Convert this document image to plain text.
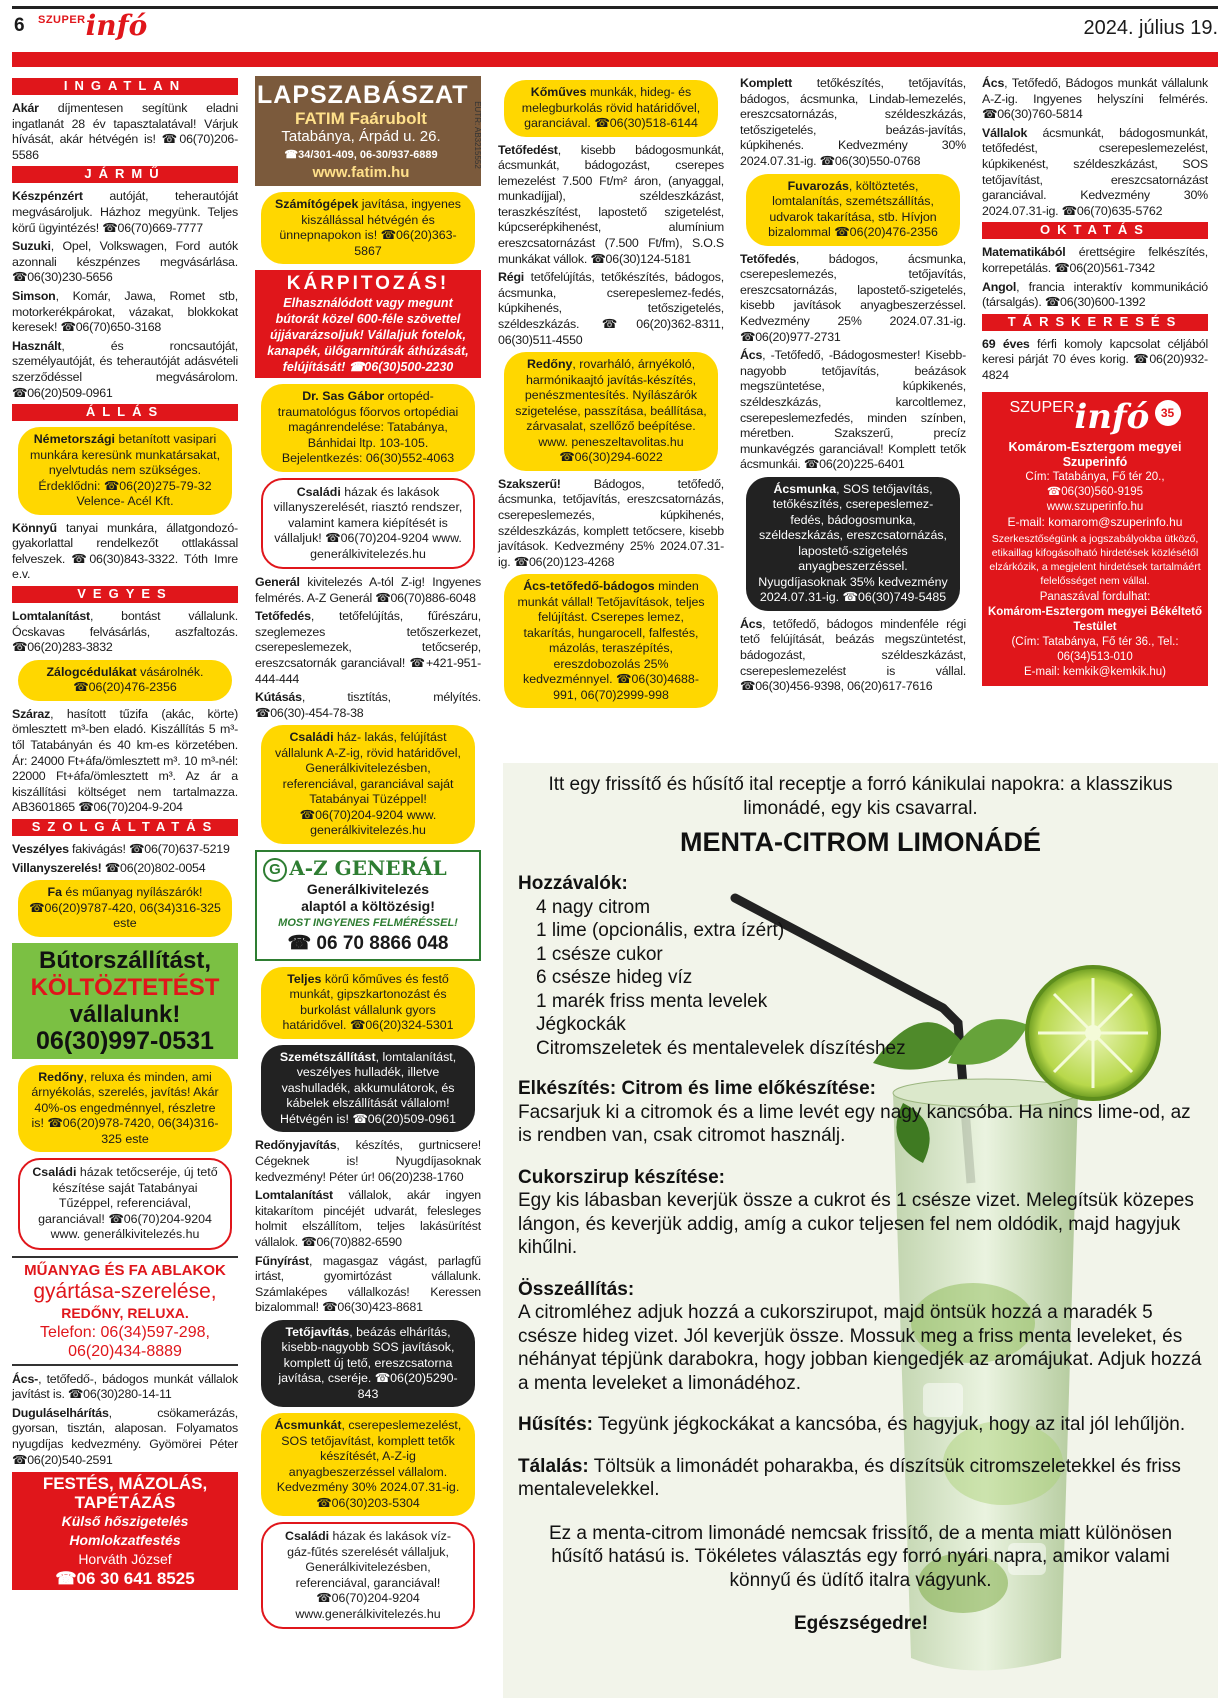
6 SZUPERinfó	2024. július 19.
INGATLAN
Akár díjmentesen segítünk eladni ingatlanát 28 év tapasztalatával! Várjuk hívását, akár hétvégén is! ☎06(70)206-5586
JÁRMŰ
Készpénzért autóját, teherautóját megvásároljuk. Házhoz megyünk. Teljes körű ügyintézés! ☎06(70)669-7777
Suzuki, Opel, Volkswagen, Ford autók azonnali készpénzes megvásárlása. ☎06(30)230-5656
Simson, Komár, Jawa, Romet stb, motorkerékpárokat, vázakat, blokkokat keresek! ☎06(70)650-3168
Használt, és roncsautóját, személyautóját, és teherautóját adásvételi szerződéssel megvásárolom. ☎06(20)509-0961
ÁLLÁS
Németországi betanított vasipari munkára keresünk munkatársakat, nyelvtudás nem szükséges. Érdeklődni: ☎06(20)275-79-32 Velence- Acél Kft.
Könnyű tanyai munkára, állatgondozó-gyakorlattal rendelkezőt ottlakással felveszek. ☎06(30)843-3322. Tóth Imre e.v.
VEGYES
Lomtalanítást, bontást vállalunk. Ócskavas felvásárlás, aszfaltozás. ☎06(20)283-3832
Zálogcédulákat vásárolnék. ☎06(20)476-2356
Száraz, hasított tűzifa (akác, körte) ömlesztett m³-ben eladó. Kiszállítás 5 m³-től Tatabányán és 40 km-es körzetében. Ár: 24000 Ft+áfa/ömlesztett m³. 10 m³-nél: 22000 Ft+áfa/ömlesztett m³. Az ár a kiszállítási költséget nem tartalmazza. AB3601865 ☎06(70)204-9-204
SZOLGÁLTATÁS
Veszélyes fakivágás! ☎06(70)637-5219
Villanyszerelés! ☎06(20)802-0054
Fa és műanyag nyílászárók! ☎06(20)9787-420, 06(34)316-325 este
Bútorszállítást,
KÖLTÖZTETÉST
vállalunk!
06(30)997-0531
Redőny, reluxa és minden, ami árnyékolás, szerelés, javítás! Akár 40%-os engedménnyel, részletre is! ☎06(20)978-7420, 06(34)316-325 este
Családi házak tetőcseréje, új tető készítése saját Tatabányai Tűzéppel, referenciával, garanciával! ☎06(70)204-9204 www. generálkivitelezés.hu
MŰANYAG ÉS FA ABLAKOK
gyártása-szerelése,
REDŐNY, RELUXA.
Telefon: 06(34)597-298,
06(20)434-8889
Ács-, tetőfedő-, bádogos munkát vállalok javítást is. ☎06(30)280-14-11
Duguláselhárítás, csökamerázás, gyorsan, tisztán, alaposan. Folyamatos nyugdíjas kedvezmény. Gyömörei Péter ☎06(20)540-2591
FESTÉS, MÁZOLÁS,
TAPÉTÁZÁS
Külső hőszigetelés
Homlokzatfestés
Horváth József
☎06 30 641 8525
LAPSZABÁSZAT
FATIM Faárubolt
Tatabánya, Árpád u. 26.
☎34/301-409, 06-30/937-6889
www.fatim.hu
EUTR: AB3215552
Számítógépek javítása, ingyenes kiszállással hétvégén és ünnepnapokon is! ☎06(20)363-5867
KÁRPITOZÁS!
Elhasználódott vagy megunt bútorát közel 600-féle szövettel újjávarázsoljuk! Vállaljuk fotelok, kanapék, ülőgarnitúrák áthúzását, felújítását! ☎06(30)500-2230
Dr. Sas Gábor ortopéd-traumatológus főorvos ortopédiai magánrendelése: Tatabánya, Bánhidai ltp. 103-105. Bejelentkezés: 06(30)552-4063
Családi házak és lakások villanyszerelését, riasztó rendszer, valamint kamera kiépítését is vállaljuk! ☎06(70)204-9204 www. generálkivitelezés.hu
Generál kivitelezés A-tól Z-ig! Ingyenes felmérés. A-Z Generál ☎06(70)886-6048
Tetőfedés, tetőfelújítás, fűrészáru, szeglemezes tetőszerkezet, cserepeslemezek, tetőcserép, ereszcsatornák garanciával! ☎+421-951-444-444
Kútásás, tisztítás, mélyítés. ☎06(30)-454-78-38
Családi ház- lakás, felújítást vállalunk A-Z-ig, rövid határidővel, Generálkivitelezésben, referenciával, garanciával saját Tatabányai Tüzéppel! ☎06(70)204-9204 www. generálkivitelezés.hu
G A-Z GENERÁL
Generálkivitelezés
alaptól a költözésig!
MOST INGYENES FELMÉRÉSSEL!
☎ 06 70 8866 048
Teljes körű kőműves és festő munkát, gipszkartonozást és burkolást vállalunk gyors határidővel. ☎06(20)324-5301
Szemétszállítást, lomtalanítást, veszélyes hulladék, illetve vashulladék, akkumulátorok, és kábelek elszállítását vállalom! Hétvégén is! ☎06(20)509-0961
Redőnyjavítás, készítés, gurtnicsere! Cégeknek is! Nyugdíjasoknak kedvezmény! Péter úr! 06(20)238-1760
Lomtalanítást vállalok, akár ingyen kitakarítom pincéjét udvarát, felesleges holmit elszállítom, teljes lakásürítést vállalok. ☎06(70)882-6590
Fűnyírást, magasgaz vágást, parlagfű irtást, gyomirtózást vállalunk. Számlaképes vállalkozás! Keressen bizalommal! ☎06(30)423-8681
Tetőjavítás, beázás elhárítás, kisebb-nagyobb SOS javítások, komplett új tető, ereszcsatorna javítása, cseréje. ☎06(20)5290-843
Ácsmunkát, cserepeslemezelést, SOS tetőjavítást, komplett tetők készítését, A-Z-ig anyagbeszerzéssel vállalom. Kedvezmény 30% 2024.07.31-ig. ☎06(30)203-5304
Családi házak és lakások víz-gáz-fűtés szerelését vállaljuk, Generálkivitelezésben, referenciával, garanciával! ☎06(70)204-9204 www.generálkivitelezés.hu
Kőműves munkák, hideg- és melegburkolás rövid határidővel, garanciával. ☎06(30)518-6144
Tetőfedést, kisebb bádogosmunkát, ácsmunkát, bádogozást, cserepes lemezelést 7.500 Ft/m² áron, (anyaggal, munkadíjjal), széldeszkázást, teraszkészítést, lapostető szigetelést, kúpcserépkihenést, alumínium ereszcsatornázást (7.500 Ft/fm), S.O.S munkákat vállok. ☎06(30)124-5181
Régi tetőfelújítás, tetőkészítés, bádogos, ácsmunka, cserepeslemez-fedés, kúpkihenés, tetőszigetelés, széldeszkázás. ☎06(20)362-8311, 06(30)511-4550
Redőny, rovarháló, árnyékoló, harmónikaajtó javítás-készítés, penészmentesítés. Nyílászárók szigetelése, passzítása, beállítása, zárvasalat, szellőző beépítése. www. peneszeltavolitas.hu ☎06(30)294-6022
Szakszerű! Bádogos, tetőfedő, ácsmunka, tetőjavítás, ereszcsatornázás, cserepeslemezés, kúpkihenés, széldeszkázás, komplett tetőcsere, kisebb javítások. Kedvezmény 25% 2024.07.31-ig. ☎06(20)123-4268
Ács-tetőfedő-bádogos minden munkát vállal! Tetőjavítások, teljes felújítást. Cserepes lemez, takarítás, hungarocell, falfestés, mázolás, teraszépítés, ereszdobozolás 25% kedvezménnyel. ☎06(30)4688-991, 06(70)2999-998
Komplett tetőkészítés, tetőjavítás, bádogos, ácsmunka, Lindab-lemezelés, ereszcsatornázás, széldeszkázás, tetőszigetelés, beázás-javítás, kúpkihenés. Kedvezmény 30% 2024.07.31-ig. ☎06(30)550-0768
Fuvarozás, költöztetés, lomtalanítás, szemétszállítás, udvarok takarítása, stb. Hívjon bizalommal ☎06(20)476-2356
Tetőfedés, bádogos, ácsmunka, cserepeslemezés, tetőjavítás, ereszcsatornázás, lapostető-szigetelés, kisebb javítások anyagbeszerzéssel. Kedvezmény 25% 2024.07.31-ig. ☎06(20)977-2731
Ács, -Tetőfedő, -Bádogosmester! Kisebb-nagyobb tetőjavítás, beázások megszüntetése, kúpkikenés, széldeszkázás, karcoltlemez, cserepeslemezfedés, minden színben, méretben. Szakszerű, precíz munkavégzés garanciával! Komplett tetők ácsmunkái. ☎06(20)225-6401
Ácsmunka, SOS tetőjavítás, tetőkészítés, cserepeslemez-fedés, bádogosmunka, széldeszkázás, ereszcsatornázás, lapostető-szigetelés anyagbeszerzéssel. Nyugdíjasoknak 35% kedvezmény 2024.07.31-ig. ☎06(30)749-5485
Ács, tetőfedő, bádogos mindenféle régi tető felújítását, beázás megszüntetést, bádogozást, széldeszkázást, cserepeslemezelést is vállal. ☎06(30)456-9398, 06(20)617-7616
Ács, Tetőfedő, Bádogos munkát vállalunk A-Z-ig. Ingyenes helyszíni felmérés. ☎06(30)760-5814
Vállalok ácsmunkát, bádogosmunkát, tetőfedést, cserepeslemezelést, kúpkikenést, széldeszkázást, SOS tetőjavítást, ereszcsatornázást garanciával. Kedvezmény 30% 2024.07.31-ig. ☎06(70)635-5762
OKTATÁS
Matematikából érettségire felkészítés, korrepetálás. ☎06(20)561-7342
Angol, francia interaktív kommunikáció (társalgás). ☎06(30)600-1392
TÁRSKERESÉS
69 éves férfi komoly kapcsolat céljából keresi párját 70 éves korig. ☎06(20)932-4824
SZUPERinfó 35
Komárom-Esztergom megyei Szuperinfó
Cím: Tatabánya, Fő tér 20.,
☎06(30)560-9195
www.szuperinfo.hu
E-mail: komarom@szuperinfo.hu
Szerkesztőségünk a jogszabályokba ütköző, etikaillag kifogásolható hirdetések közlésétől elzárkózik, a megjelent hirdetések tartalmáért felelősséget nem vállal.
Panaszával fordulhat:
Komárom-Esztergom megyei Békéltető Testület
(Cím: Tatabánya, Fő tér 36., Tel.: 06(34)513-010
E-mail: kemkik@kemkik.hu)

Itt egy frissítő és hűsítő ital receptje a forró kánikulai napokra: a klasszikus limonádé, egy kis csavarral.

MENTA-CITROM LIMONÁDÉ

Hozzávalók:

4 nagy citrom

1 lime (opcionális, extra ízért)

1 csésze cukor

6 csésze hideg víz

1 marék friss menta levelek

Jégkockák

Citromszeletek és mentalevelek díszítéshez

Elkészítés: Citrom és lime előkészítése:

Facsarjuk ki a citromok és a lime levét egy nagy kancsóba. Ha nincs lime-od, az is rendben van, csak citromot használj.

Cukorszirup készítése:

Egy kis lábasban keverjük össze a cukrot és 1 csésze vizet. Melegítsük közepes lángon, és keverjük addig, amíg a cukor teljesen fel nem oldódik, majd hagyjuk kihűlni.

Összeállítás:

A citromléhez adjuk hozzá a cukorszirupot, majd öntsük hozzá a maradék 5 csésze hideg vizet. Jól keverjük össze. Mossuk meg a friss menta leveleket, és néhányat tépjünk darabokra, hogy jobban kiengedjék az aromájukat. Adjuk hozzá a menta leveleket a limonádéhoz.

Hűsítés: Tegyünk jégkockákat a kancsóba, és hagyjuk, hogy az ital jól lehűljön.

Tálalás: Töltsük a limonádét poharakba, és díszítsük citromszeletekkel és friss mentalevelekkel.

Ez a menta-citrom limonádé nemcsak frissítő, de a menta miatt különösen hűsítő hatású is. Tökéletes választás egy forró nyári napra, amikor valami könnyű és üdítő italra vágyunk.

Egészségedre!
